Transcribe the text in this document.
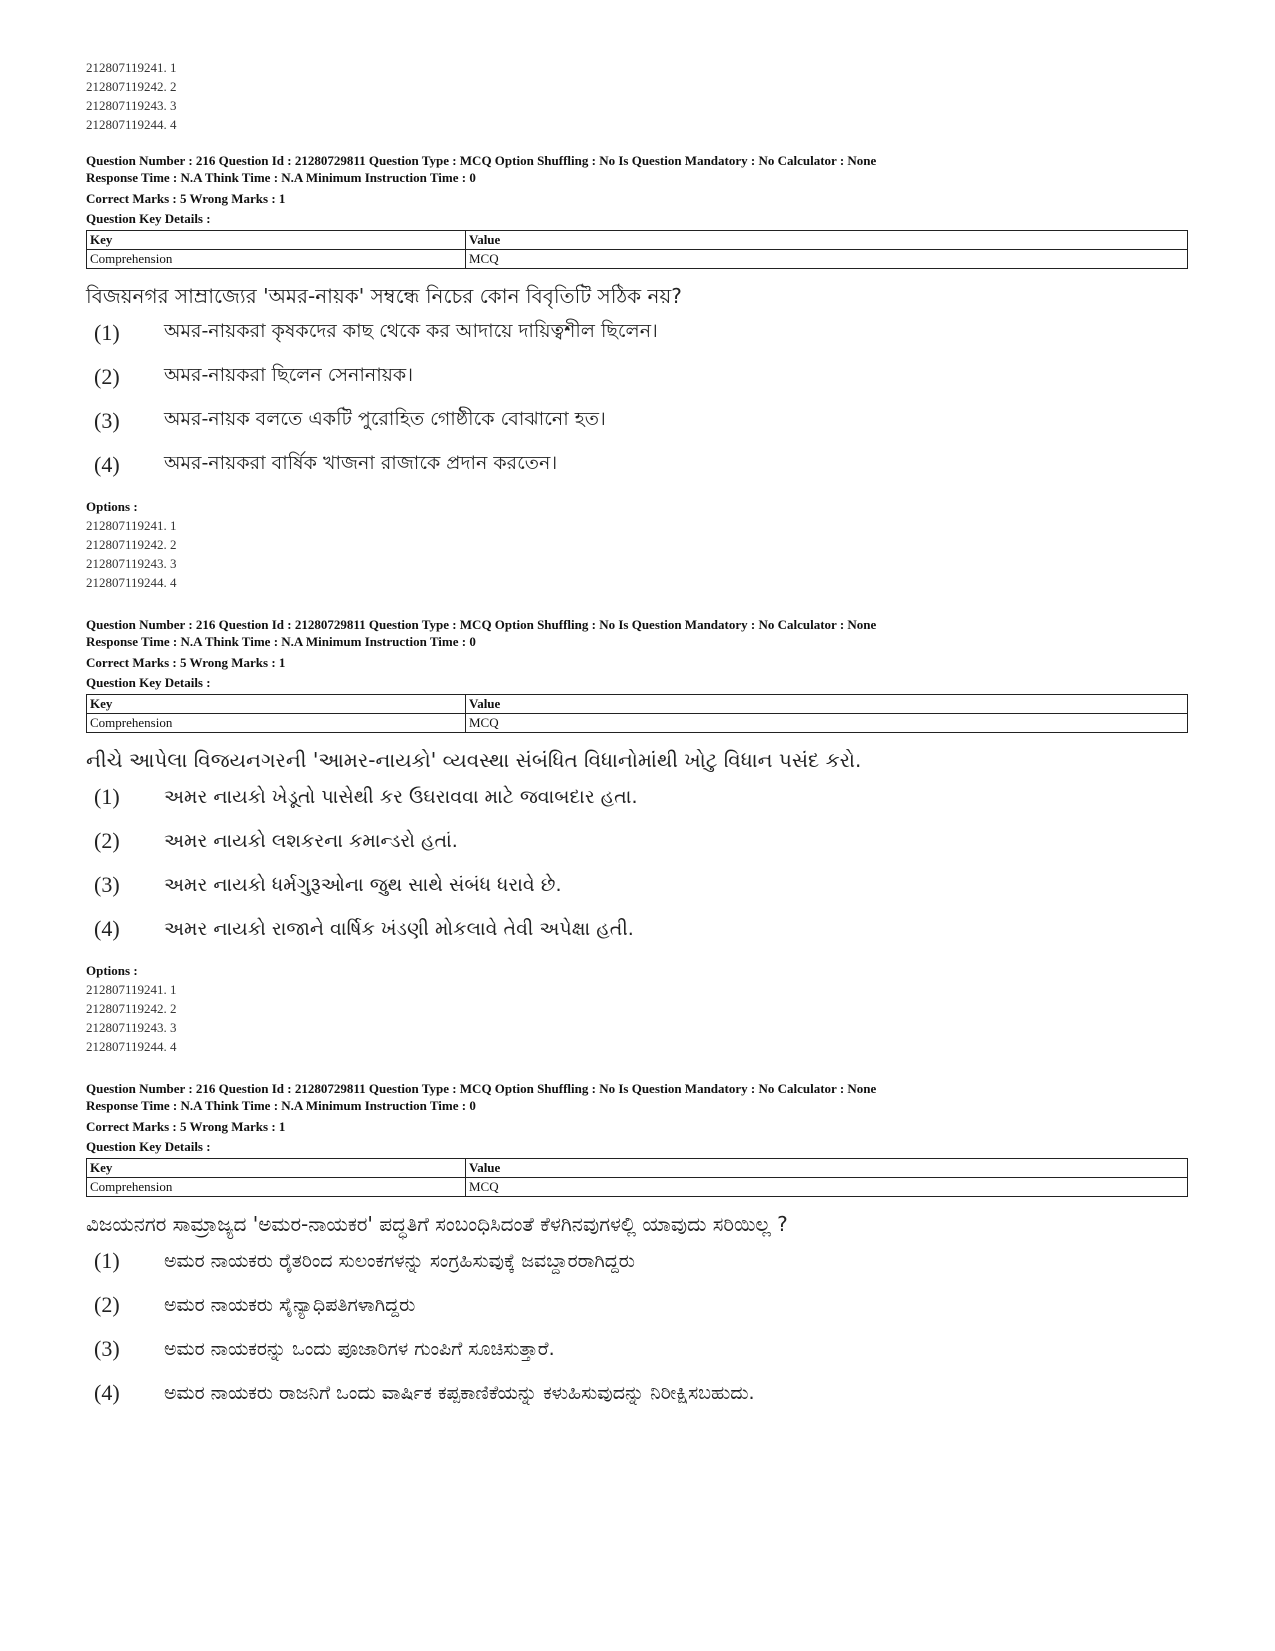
212807119241. 1
212807119242. 2
212807119243. 3
212807119244. 4
Question Number : 216 Question Id : 21280729811 Question Type : MCQ Option Shuffling : No Is Question Mandatory : No Calculator : None
Response Time : N.A Think Time : N.A Minimum Instruction Time : 0
Correct Marks : 5 Wrong Marks : 1
Question Key Details :
Key	Value
Comprehension	MCQ
বিজয়নগর সাম্রাজ্যের 'অমর-নায়ক' সম্বন্ধে নিচের কোন বিবৃতিটি সঠিক নয়?
(1)	অমর-নায়করা কৃষকদের কাছ থেকে কর আদায়ে দায়িত্বশীল ছিলেন।
(2)	অমর-নায়করা ছিলেন সেনানায়ক।
(3)	অমর-নায়ক বলতে একটি পুরোহিত গোষ্ঠীকে বোঝানো হত।
(4)	অমর-নায়করা বার্ষিক খাজনা রাজাকে প্রদান করতেন।
Options :
212807119241. 1
212807119242. 2
212807119243. 3
212807119244. 4
Question Number : 216 Question Id : 21280729811 Question Type : MCQ Option Shuffling : No Is Question Mandatory : No Calculator : None
Response Time : N.A Think Time : N.A Minimum Instruction Time : 0
Correct Marks : 5 Wrong Marks : 1
Question Key Details :
Key	Value
Comprehension	MCQ
નીચે આપેલા વિજયનગરની 'આમર-નાયકો' વ્યવસ્થા સંબંધિત વિધાનોમાંથી ખોટુ વિધાન પસંદ કરો.
(1)	અમર નાયકો ખેડૂતો પાસેથી કર ઉઘરાવવા માટે જવાબદાર હતા.
(2)	અમર નાયકો લશકરના કમાન્ડરો હતાં.
(3)	અમર નાયકો ધર્મગુરૂઓના જુથ સાથે સંબંધ ધરાવે છે.
(4)	અમર નાયકો રાજાને વાર્ષિક ખંડણી મોકલાવે તેવી અપેક્ષા હતી.
Options :
212807119241. 1
212807119242. 2
212807119243. 3
212807119244. 4
Question Number : 216 Question Id : 21280729811 Question Type : MCQ Option Shuffling : No Is Question Mandatory : No Calculator : None
Response Time : N.A Think Time : N.A Minimum Instruction Time : 0
Correct Marks : 5 Wrong Marks : 1
Question Key Details :
Key	Value
Comprehension	MCQ
ವಿಜಯನಗರ ಸಾಮ್ರಾಜ್ಯದ 'ಅಮರ-ನಾಯಕರ' ಪದ್ಧತಿಗೆ ಸಂಬಂಧಿಸಿದಂತೆ ಕೆಳಗಿನವುಗಳಲ್ಲಿ ಯಾವುದು ಸರಿಯಿಲ್ಲ ?
(1)	ಅಮರ ನಾಯಕರು ರೈತರಿಂದ ಸುಲಂಕಗಳನ್ನು ಸಂಗ್ರಹಿಸುವುಕ್ಕೆ ಜವಬ್ದಾರರಾಗಿದ್ದರು
(2)	ಅಮರ ನಾಯಕರು ಸೈನ್ಯಾಧಿಪತಿಗಳಾಗಿದ್ದರು
(3)	ಅಮರ ನಾಯಕರನ್ನು ಒಂದು ಪೂಜಾರಿಗಳ ಗುಂಪಿಗೆ ಸೂಚಿಸುತ್ತಾರೆ.
(4)	ಅಮರ ನಾಯಕರು ರಾಜನಿಗೆ ಒಂದು ವಾರ್ಷಿಕ ಕಪ್ಪಕಾಣಿಕೆಯನ್ನು ಕಳುಹಿಸುವುದನ್ನು ನಿರೀಕ್ಷಿಸಬಹುದು.
